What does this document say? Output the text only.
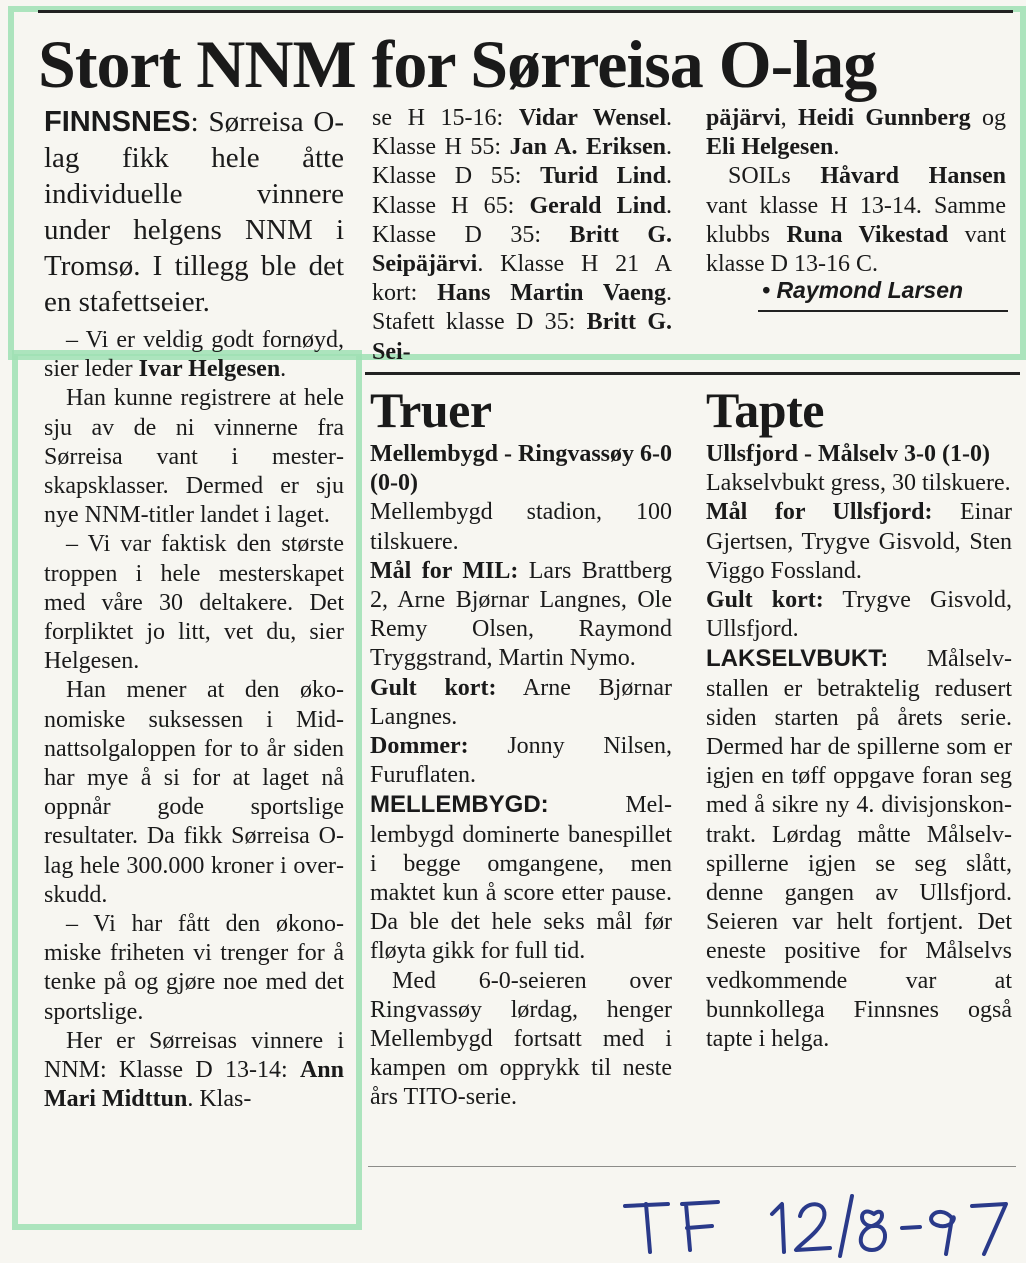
Stort NNM for Sørreisa O-lag

FINNSNES: Sørreisa O-lag fikk hele åtte individuelle vinnere under helgens NNM i Tromsø. I tillegg ble det en stafettseier.

– Vi er veldig godt fornøyd, sier leder Ivar Helgesen.

Han kunne registrere at hele sju av de ni vinnerne fra Sørreisa vant i mesterskapsklasser. Dermed er sju nye NNM-titler landet i laget.

– Vi var faktisk den største troppen i hele mesterskapet med våre 30 deltakere. Det forpliktet jo litt, vet du, sier Helgesen.

Han mener at den økonomiske suksessen i Midnattsolgaloppen for to år siden har mye å si for at laget nå oppnår gode sportslige resultater. Da fikk Sørreisa O-lag hele 300.000 kroner i overskudd.

– Vi har fått den økonomiske friheten vi trenger for å tenke på og gjøre noe med det sportslige.

Her er Sørreisas vinnere i NNM: Klasse D 13-14: Ann Mari Midttun. Klas-

se H 15-16: Vidar Wensel. Klasse H 55: Jan A. Eriksen. Klasse D 55: Turid Lind. Klasse H 65: Gerald Lind. Klasse D 35: Britt G. Seipäjärvi. Klasse H 21 A kort: Hans Martin Vaeng. Stafett klasse D 35: Britt G. Sei-

päjärvi, Heidi Gunnberg og Eli Helgesen.

SOILs Håvard Hansen vant klasse H 13-14. Samme klubbs Runa Vikestad vant klasse D 13-16 C.

• Raymond Larsen
Truer

Mellembygd - Ringvassøy 6-0 (0-0)

Mellembygd stadion, 100 tilskuere.

Mål for MIL: Lars Brattberg 2, Arne Bjørnar Langnes, Ole Remy Olsen, Raymond Tryggstrand, Martin Nymo.

Gult kort: Arne Bjørnar Langnes.

Dommer: Jonny Nilsen, Furuflaten.

MELLEMBYGD: Mellembygd dominerte banespillet i begge omgangene, men maktet kun å score etter pause. Da ble det hele seks mål før fløyta gikk for full tid.

Med 6-0-seieren over Ringvassøy lørdag, henger Mellembygd fortsatt med i kampen om opprykk til neste års TITO-serie.

Tapte

Ullsfjord - Målselv 3-0 (1-0)

Lakselvbukt gress, 30 tilskuere.

Mål for Ullsfjord: Einar Gjertsen, Trygve Gisvold, Sten Viggo Fossland.

Gult kort: Trygve Gisvold, Ullsfjord.

LAKSELVBUKT: Målselv-stallen er betraktelig redusert siden starten på årets serie. Dermed har de spillerne som er igjen en tøff oppgave foran seg med å sikre ny 4. divisjonskontrakt. Lørdag måtte Målselv-spillerne igjen se seg slått, denne gangen av Ullsfjord. Seieren var helt fortjent. Det eneste positive for Målselvs vedkommende var at bunnkollega Finnsnes også tapte i helga.
